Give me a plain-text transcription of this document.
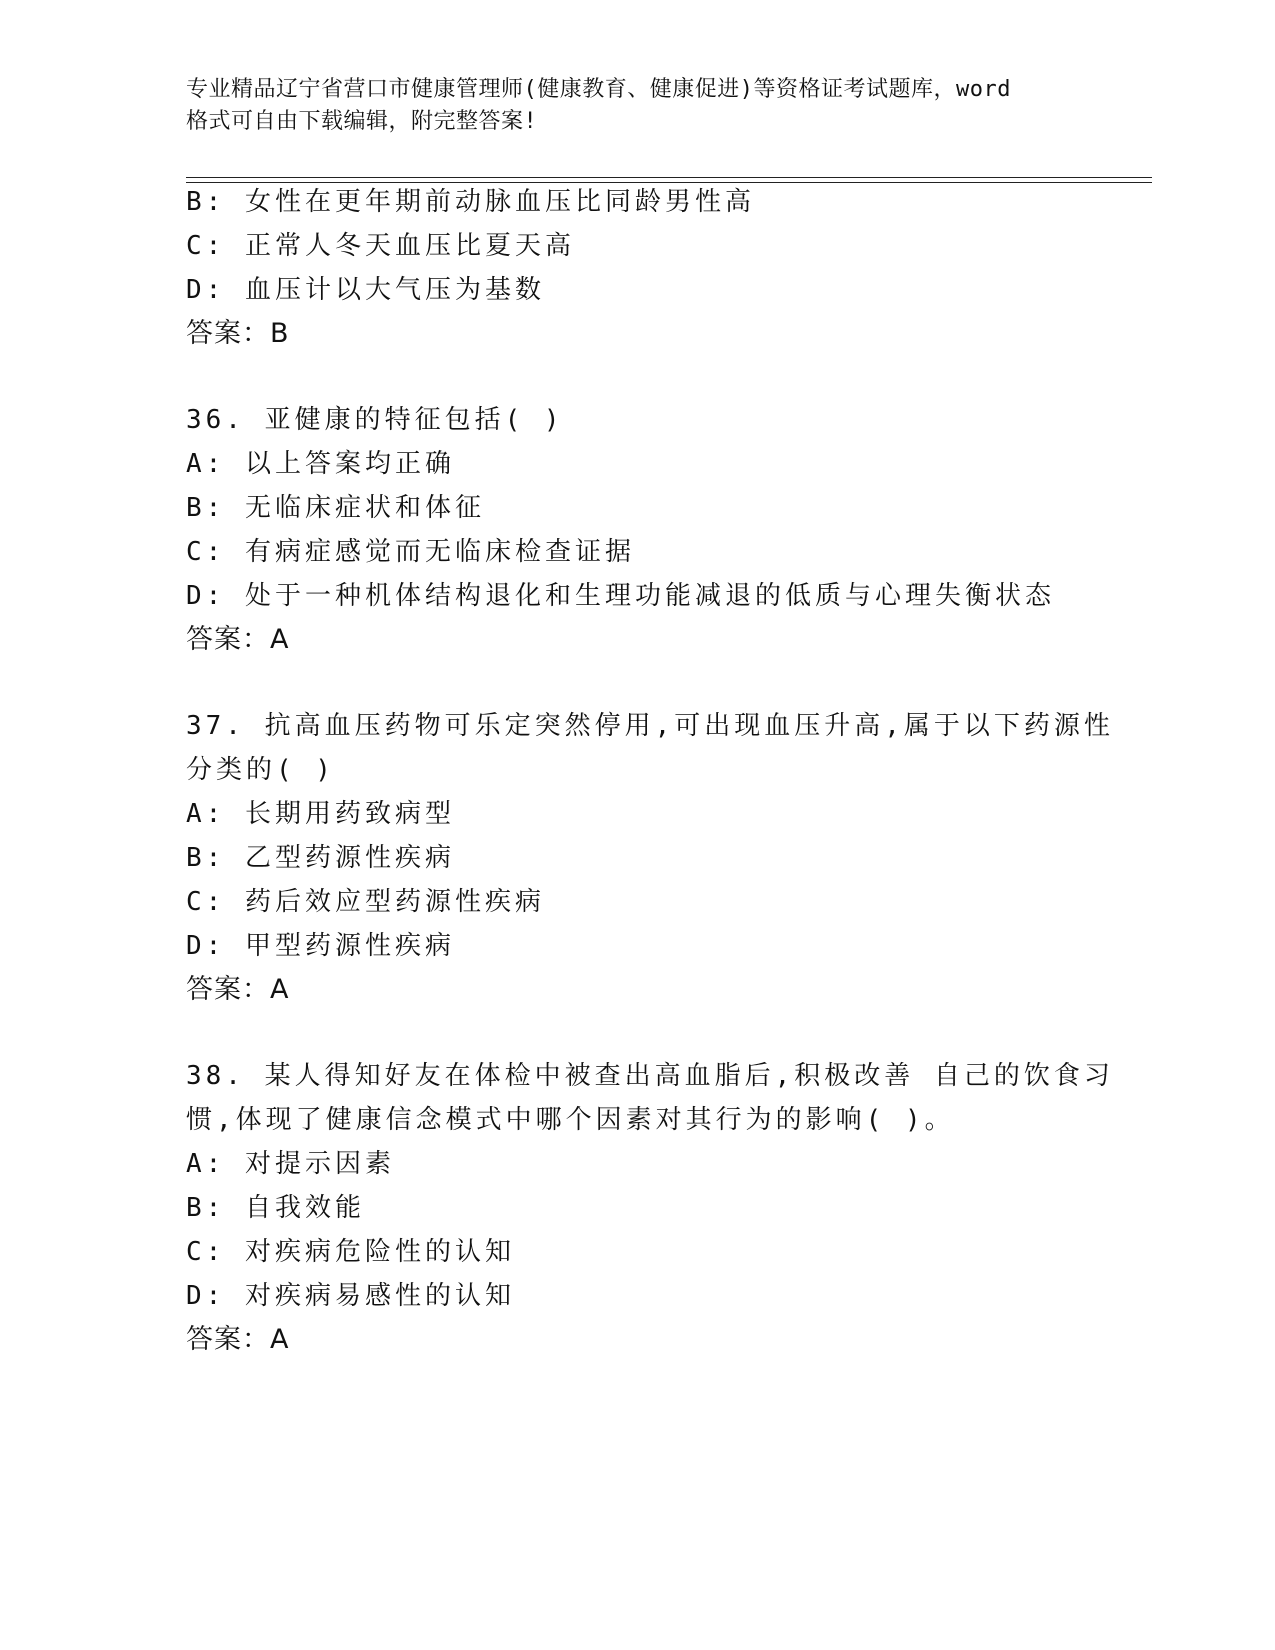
专业精品辽宁省营口市健康管理师(健康教育、健康促进)等资格证考试题库，word
格式可自由下载编辑，附完整答案!
B: 女性在更年期前动脉血压比同龄男性高
C: 正常人冬天血压比夏天高
D: 血压计以大气压为基数
答案：B
36. 亚健康的特征包括( )
A: 以上答案均正确
B: 无临床症状和体征
C: 有病症感觉而无临床检查证据
D: 处于一种机体结构退化和生理功能减退的低质与心理失衡状态
答案：A
37. 抗高血压药物可乐定突然停用,可出现血压升高,属于以下药源性
分类的( )
A: 长期用药致病型
B: 乙型药源性疾病
C: 药后效应型药源性疾病
D: 甲型药源性疾病
答案：A
38. 某人得知好友在体检中被查出高血脂后,积极改善 自己的饮食习
惯,体现了健康信念模式中哪个因素对其行为的影响( )。
A: 对提示因素
B: 自我效能
C: 对疾病危险性的认知
D: 对疾病易感性的认知
答案：A
